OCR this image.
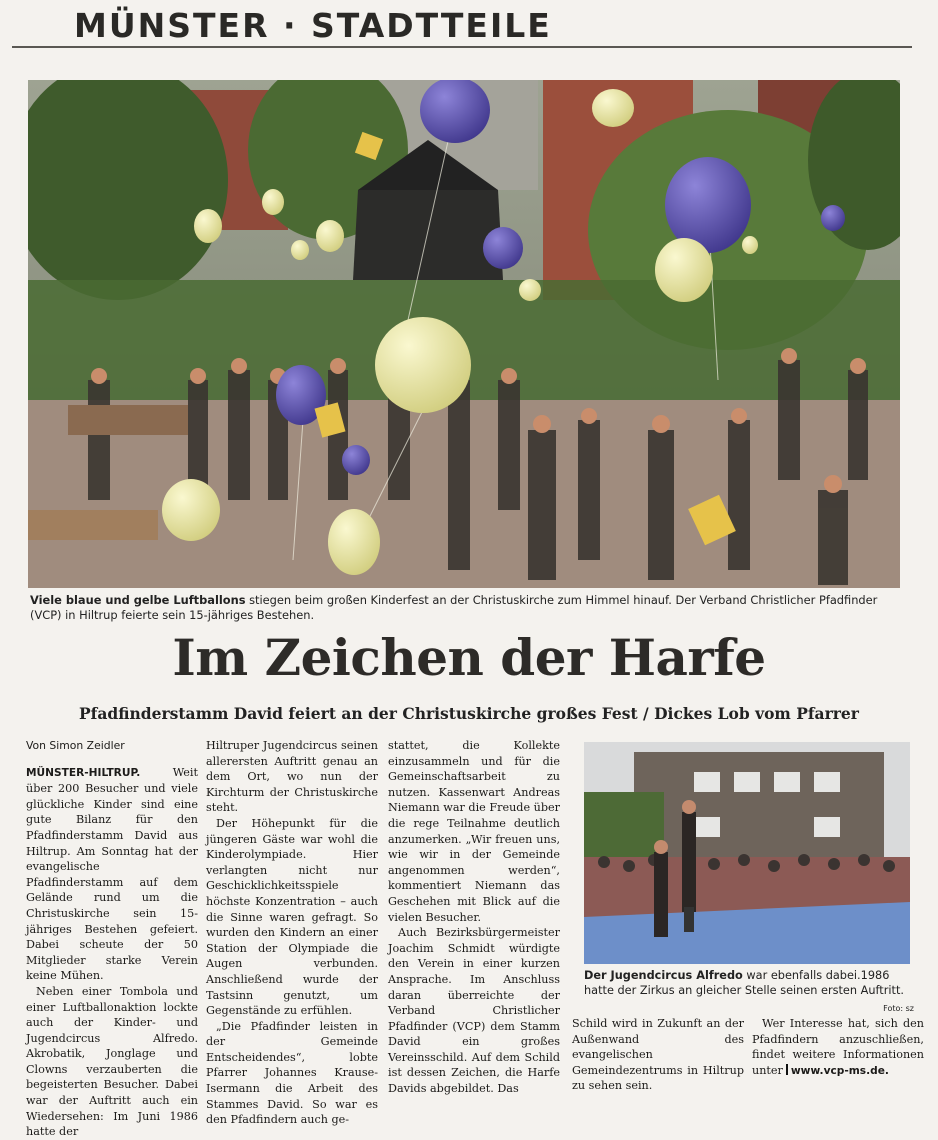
MÜNSTER · STADTTEILE
Viele blaue und gelbe Luftballons stiegen beim großen Kinderfest an der Christuskirche zum Himmel hinauf. Der Verband Christlicher Pfadfinder (VCP) in Hiltrup feierte sein 15-jähriges Bestehen.
Im Zeichen der Harfe
Pfadfinderstamm David feiert an der Christuskirche großes Fest / Dickes Lob vom Pfarrer

Von Simon Zeidler

MÜNSTER-HILTRUP. Weit über 200 Besucher und viele glückliche Kinder sind eine gute Bilanz für den Pfadfinderstamm David aus Hiltrup. Am Sonntag hat der evangelische Pfadfinderstamm auf dem Gelände rund um die Christuskirche sein 15-jähriges Bestehen gefeiert. Dabei scheute der 50 Mitglieder starke Verein keine Mühen.

Neben einer Tombola und einer Luftballonaktion lockte auch der Kinder- und Jugendcircus Alfredo. Akrobatik, Jonglage und Clowns verzauberten die begeisterten Besucher. Dabei war der Auftritt auch ein Wiedersehen: Im Juni 1986 hatte der

Hiltruper Jugendcircus seinen allerersten Auftritt genau an dem Ort, wo nun der Kirchturm der Christuskirche steht.

Der Höhepunkt für die jüngeren Gäste war wohl die Kinderolympiade. Hier verlangten nicht nur Geschicklichkeitsspiele höchste Konzentration – auch die Sinne waren gefragt. So wurden den Kindern an einer Station der Olympiade die Augen verbunden. Anschließend wurde der Tastsinn genutzt, um Gegenstände zu erfühlen.

„Die Pfadfinder leisten in der Gemeinde Entscheidendes“, lobte Pfarrer Johannes Krause-Isermann die Arbeit des Stammes David. So war es den Pfadfindern auch ge-

stattet, die Kollekte einzusammeln und für die Gemeinschaftsarbeit zu nutzen. Kassenwart Andreas Niemann war die Freude über die rege Teilnahme deutlich anzumerken. „Wir freuen uns, wie wir in der Gemeinde angenommen werden“, kommentiert Niemann das Geschehen mit Blick auf die vielen Besucher.

Auch Bezirksbürgermeister Joachim Schmidt würdigte den Verein in einer kurzen Ansprache. Im Anschluss daran überreichte der Verband Christlicher Pfadfinder (VCP) dem Stamm David ein großes Vereinsschild. Auf dem Schild ist dessen Zeichen, die Harfe Davids abgebildet. Das

Der Jugendcircus Alfredo war ebenfalls dabei.1986 hatte der Zirkus an gleicher Stelle seinen ersten Auftritt.
Foto: sz

Schild wird in Zukunft an der Außenwand des evangelischen Gemeindezentrums in Hiltrup zu sehen sein.

Wer Interesse hat, sich den Pfadfindern anzuschließen, findet weitere Informationen unter www.vcp-ms.de.
